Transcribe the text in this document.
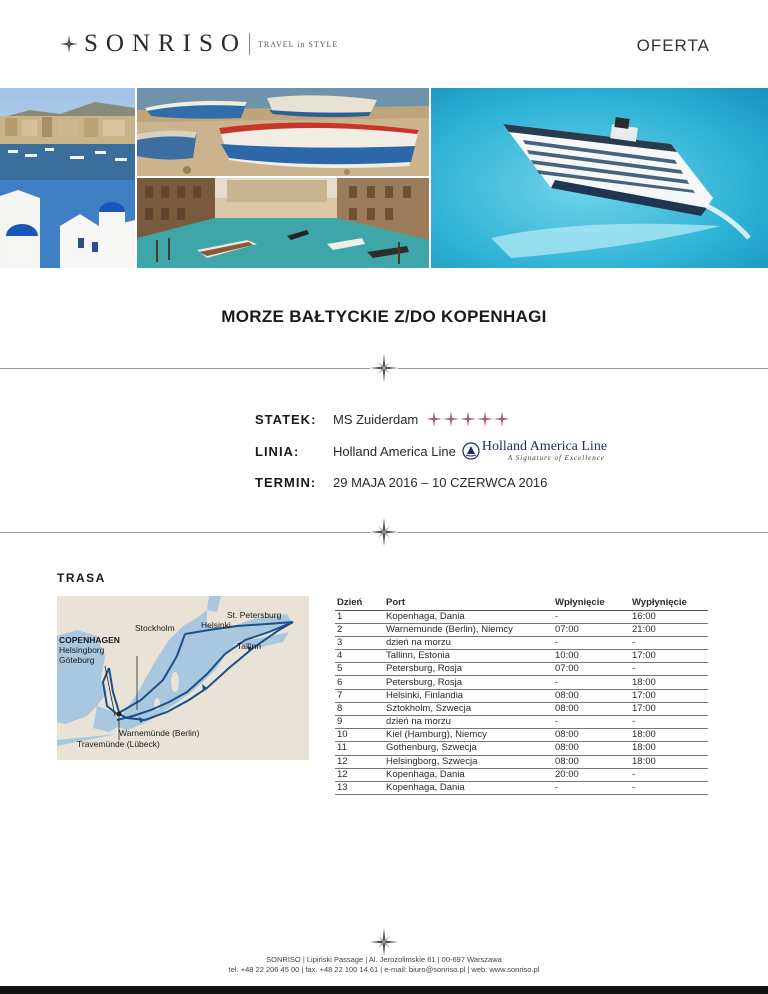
SONRISO TRAVEL in STYLE	OFERTA
MORZE BAŁTYCKIE Z/DO KOPENHAGI
STATEK:	MS Zuiderdam
LINIA:	Holland America Line Holland America Line
A Signature of Excellence
TERMIN:	29 MAJA 2016 – 10 CZERWCA 2016
TRASA
St. Petersburg
Stockholm	Helsinki
COPENHAGEN
Helsingborg
Göteburg
Tallinn
Warnemünde (Berlin)
Travemünde (Lübeck)
Dzień	Port	Wpłynięcie	Wypłynięcie
1	Kopenhaga, Dania	-	16:00
2	Warnemunde (Berlin), Niemcy	07:00	21:00
3	dzień na morzu	-	-
4	Tallinn, Estonia	10:00	17:00
5	Petersburg, Rosja	07:00	-
6	Petersburg, Rosja	-	18:00
7	Helsinki, Finlandia	08:00	17:00
8	Sztokholm, Szwecja	08:00	17:00
9	dzień na morzu	-	-
10	Kiel (Hamburg), Niemcy	08:00	18:00
11	Gothenburg, Szwecja	08:00	18:00
12	Helsingborg, Szwecja	08:00	18:00
12	Kopenhaga, Dania	20:00	-
13	Kopenhaga, Dania	-	-
SONRISO | Lipiński Passage | Al. Jerozolimskie 61 | 00-697 Warszawa
tel. +48 22 206 45 00 | fax. +48 22 100 14 61 | e-mail: biuro@sonriso.pl | web: www.sonriso.pl
